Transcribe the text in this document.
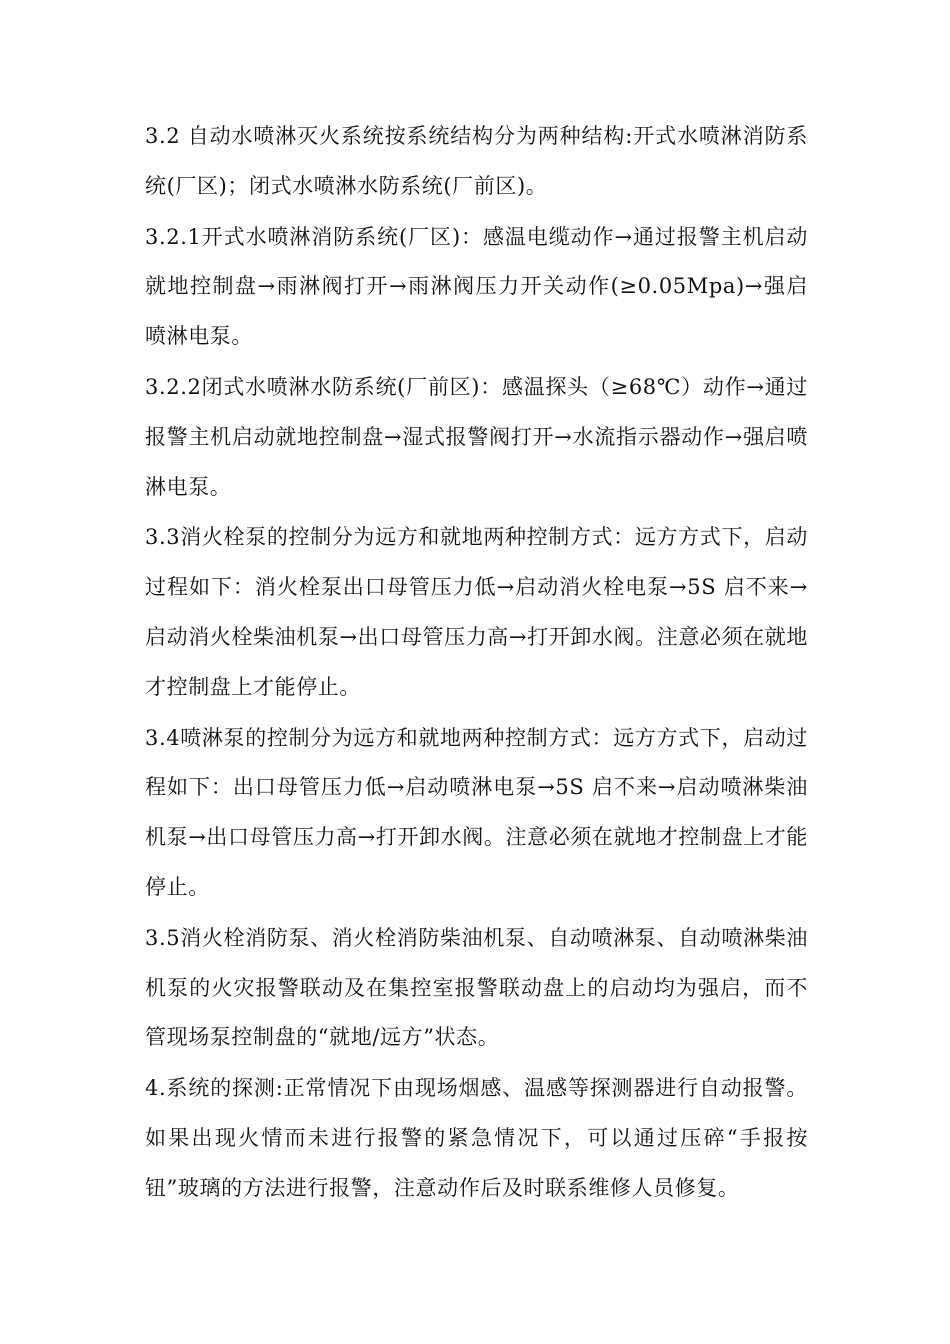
3.2 自动水喷淋灭火系统按系统结构分为两种结构:开式水喷淋消防系统(厂区)；闭式水喷淋水防系统(厂前区)。

3.2.1开式水喷淋消防系统(厂区)：感温电缆动作→通过报警主机启动就地控制盘→雨淋阀打开→雨淋阀压力开关动作(≥0.05Mpa)→强启喷淋电泵。

3.2.2闭式水喷淋水防系统(厂前区)：感温探头（≥68℃）动作→通过报警主机启动就地控制盘→湿式报警阀打开→水流指示器动作→强启喷淋电泵。

3.3消火栓泵的控制分为远方和就地两种控制方式：远方方式下，启动过程如下：消火栓泵出口母管压力低→启动消火栓电泵→5S 启不来→启动消火栓柴油机泵→出口母管压力高→打开卸水阀。注意必须在就地才控制盘上才能停止。

3.4喷淋泵的控制分为远方和就地两种控制方式：远方方式下，启动过程如下：出口母管压力低→启动喷淋电泵→5S 启不来→启动喷淋柴油机泵→出口母管压力高→打开卸水阀。注意必须在就地才控制盘上才能停止。

3.5消火栓消防泵、消火栓消防柴油机泵、自动喷淋泵、自动喷淋柴油机泵的火灾报警联动及在集控室报警联动盘上的启动均为强启，而不管现场泵控制盘的“就地/远方”状态。

4.系统的探测:正常情况下由现场烟感、温感等探测器进行自动报警。如果出现火情而未进行报警的紧急情况下，可以通过压碎“手报按钮”玻璃的方法进行报警，注意动作后及时联系维修人员修复。
